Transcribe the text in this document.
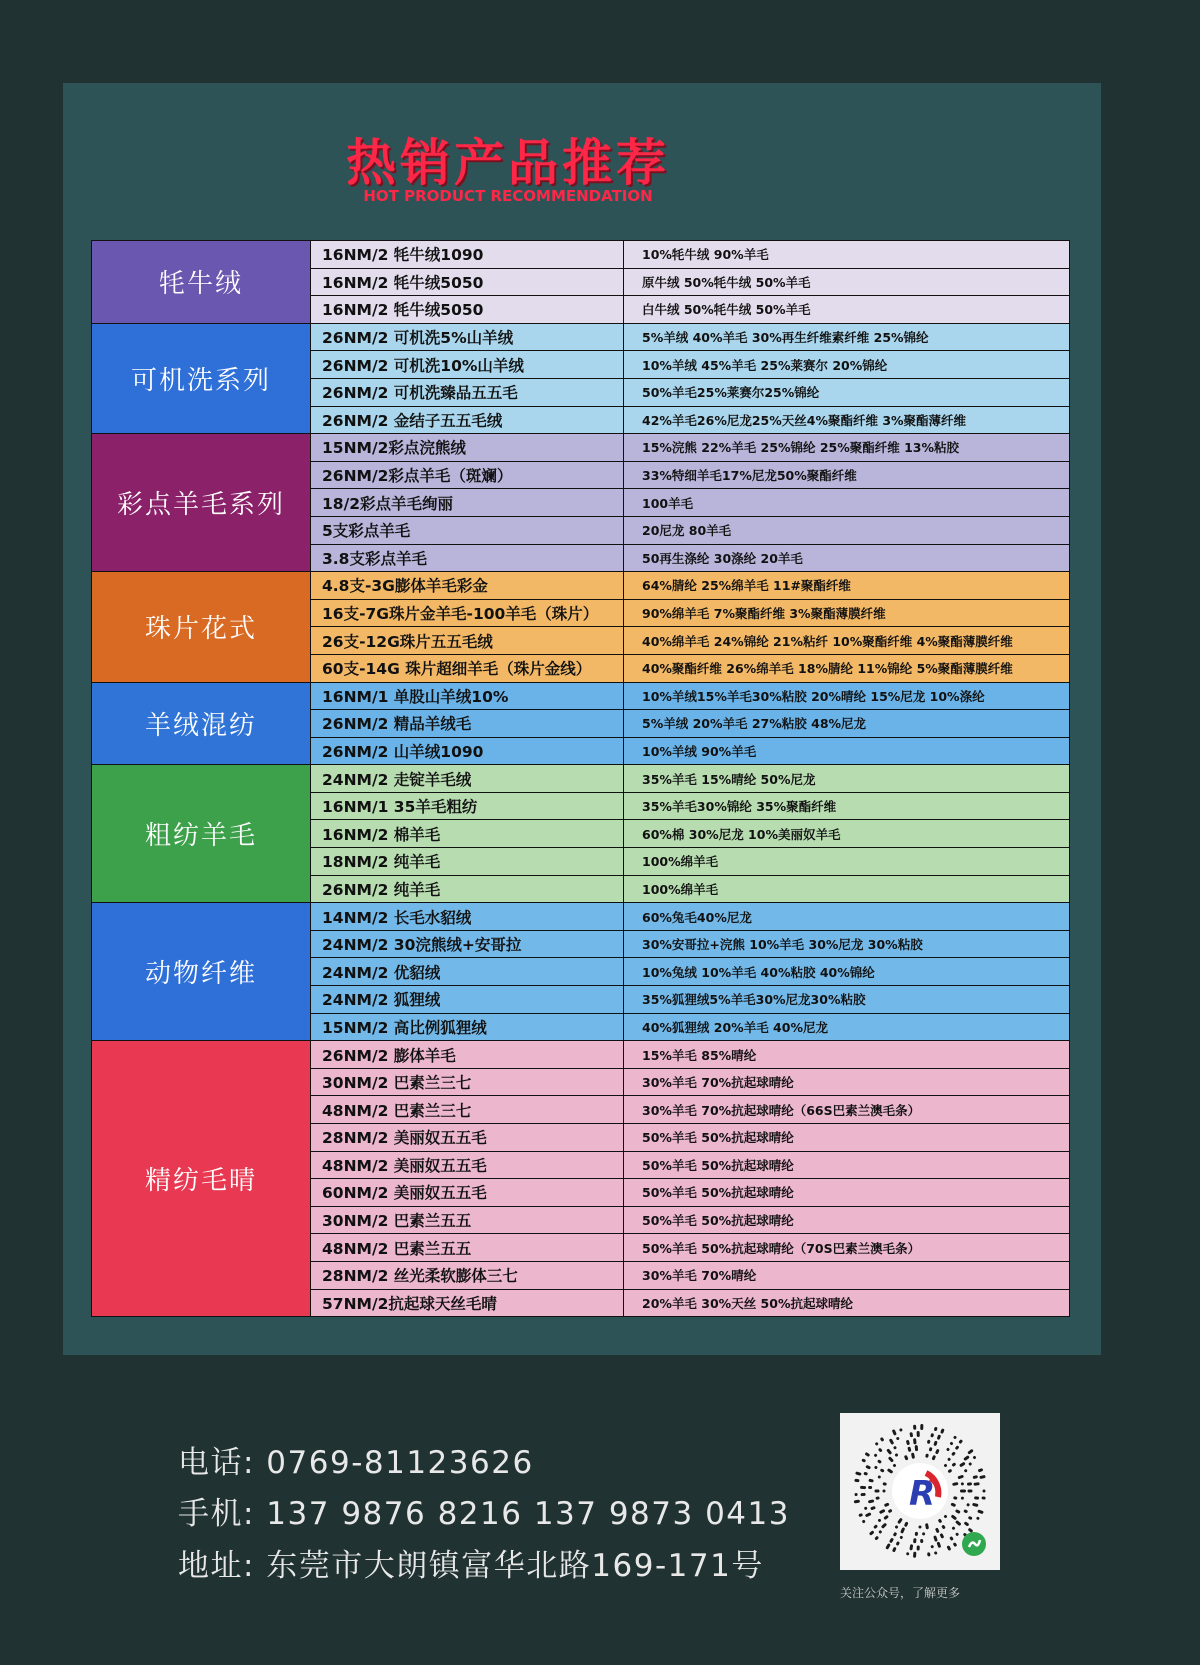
热销产品推荐
HOT PRODUCT RECOMMENDATION
牦牛绒	16NM/2 牦牛绒1090	10%牦牛绒 90%羊毛
	16NM/2 牦牛绒5050	原牛绒 50%牦牛绒 50%羊毛
	16NM/2 牦牛绒5050	白牛绒 50%牦牛绒 50%羊毛
可机洗系列	26NM/2 可机洗5%山羊绒	5%羊绒 40%羊毛 30%再生纤维素纤维 25%锦纶
	26NM/2 可机洗10%山羊绒	10%羊绒 45%羊毛 25%莱赛尔 20%锦纶
	26NM/2 可机洗臻品五五毛	50%羊毛25%莱赛尔25%锦纶
	26NM/2 金结子五五毛绒	42%羊毛26%尼龙25%天丝4%聚酯纤维 3%聚酯薄纤维
彩点羊毛系列	15NM/2彩点浣熊绒	15%浣熊 22%羊毛 25%锦纶 25%聚酯纤维 13%粘胶
	26NM/2彩点羊毛（斑斓）	33%特细羊毛17%尼龙50%聚酯纤维
	18/2彩点羊毛绚丽	100羊毛
	5支彩点羊毛	20尼龙 80羊毛
	3.8支彩点羊毛	50再生涤纶 30涤纶 20羊毛
珠片花式	4.8支-3G膨体羊毛彩金	64%腈纶 25%绵羊毛 11#聚酯纤维
	16支-7G珠片金羊毛-100羊毛（珠片）	90%绵羊毛 7%聚酯纤维 3%聚酯薄膜纤维
	26支-12G珠片五五毛绒	40%绵羊毛 24%锦纶 21%粘纤 10%聚酯纤维 4%聚酯薄膜纤维
	60支-14G 珠片超细羊毛（珠片金线）	40%聚酯纤维 26%绵羊毛 18%腈纶 11%锦纶 5%聚酯薄膜纤维
羊绒混纺	16NM/1 单股山羊绒10%	10%羊绒15%羊毛30%粘胶 20%晴纶 15%尼龙 10%涤纶
	26NM/2 精品羊绒毛	5%羊绒 20%羊毛 27%粘胶 48%尼龙
	26NM/2 山羊绒1090	10%羊绒 90%羊毛
粗纺羊毛	24NM/2 走锭羊毛绒	35%羊毛 15%晴纶 50%尼龙
	16NM/1 35羊毛粗纺	35%羊毛30%锦纶 35%聚酯纤维
	16NM/2 棉羊毛	60%棉 30%尼龙 10%美丽奴羊毛
	18NM/2 纯羊毛	100%绵羊毛
	26NM/2 纯羊毛	100%绵羊毛
动物纤维	14NM/2 长毛水貂绒	60%兔毛40%尼龙
	24NM/2 30浣熊绒+安哥拉	30%安哥拉+浣熊 10%羊毛 30%尼龙 30%粘胶
	24NM/2 优貂绒	10%兔绒 10%羊毛 40%粘胶 40%锦纶
	24NM/2 狐狸绒	35%狐狸绒5%羊毛30%尼龙30%粘胶
	15NM/2 高比例狐狸绒	40%狐狸绒 20%羊毛 40%尼龙
精纺毛晴	26NM/2 膨体羊毛	15%羊毛 85%晴纶
	30NM/2 巴素兰三七	30%羊毛 70%抗起球晴纶
	48NM/2 巴素兰三七	30%羊毛 70%抗起球晴纶（66S巴素兰澳毛条）
	28NM/2 美丽奴五五毛	50%羊毛 50%抗起球晴纶
	48NM/2 美丽奴五五毛	50%羊毛 50%抗起球晴纶
	60NM/2 美丽奴五五毛	50%羊毛 50%抗起球晴纶
	30NM/2 巴素兰五五	50%羊毛 50%抗起球晴纶
	48NM/2 巴素兰五五	50%羊毛 50%抗起球晴纶（70S巴素兰澳毛条）
	28NM/2 丝光柔软膨体三七	30%羊毛 70%晴纶
	57NM/2抗起球天丝毛晴	20%羊毛 30%天丝 50%抗起球晴纶
电话: 0769-81123626
手机: 137 9876 8216 137 9873 0413
地址: 东莞市大朗镇富华北路169-171号
R
关注公众号，了解更多
